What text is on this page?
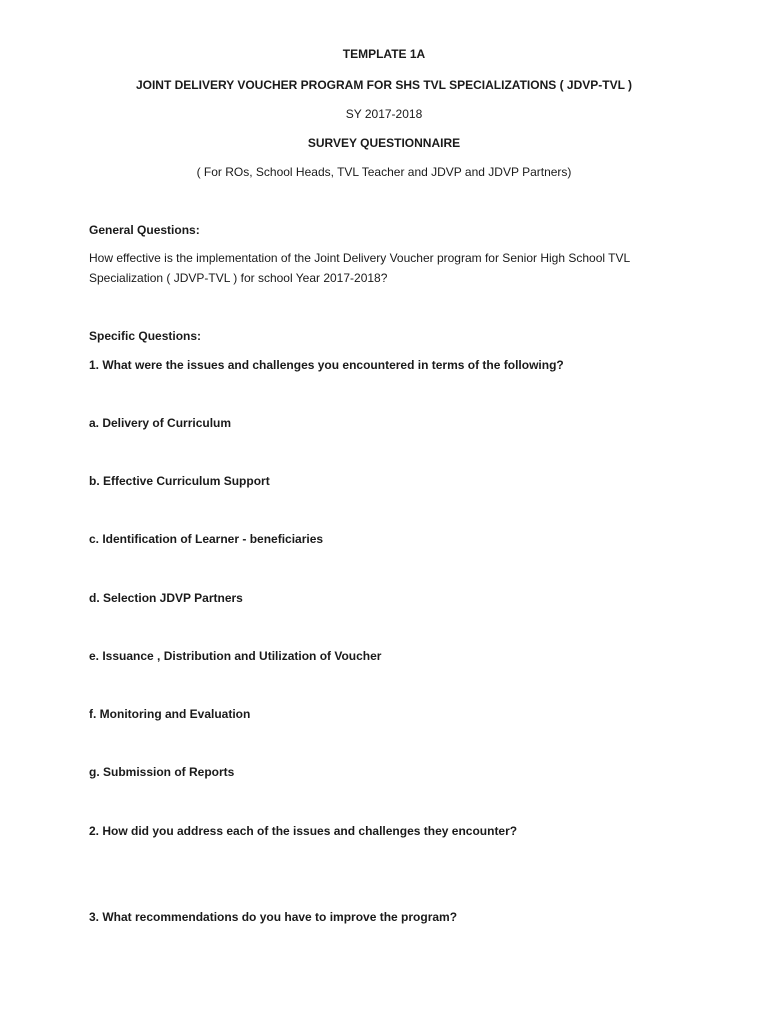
TEMPLATE 1A
JOINT DELIVERY VOUCHER PROGRAM FOR SHS TVL SPECIALIZATIONS ( JDVP-TVL )
SY 2017-2018
SURVEY QUESTIONNAIRE
( For ROs, School Heads, TVL Teacher and JDVP and JDVP Partners)
General Questions:
How effective is the implementation of the Joint Delivery Voucher program for Senior High School TVL Specialization ( JDVP-TVL ) for school Year 2017-2018?
Specific Questions:
1. What were the issues and challenges you encountered in terms of the following?
a. Delivery of Curriculum
b. Effective Curriculum Support
c. Identification of Learner - beneficiaries
d. Selection JDVP Partners
e. Issuance , Distribution and Utilization of Voucher
f. Monitoring and Evaluation
g. Submission of Reports
2. How did you address each of the issues and challenges they encounter?
3. What recommendations do you have to improve the program?
